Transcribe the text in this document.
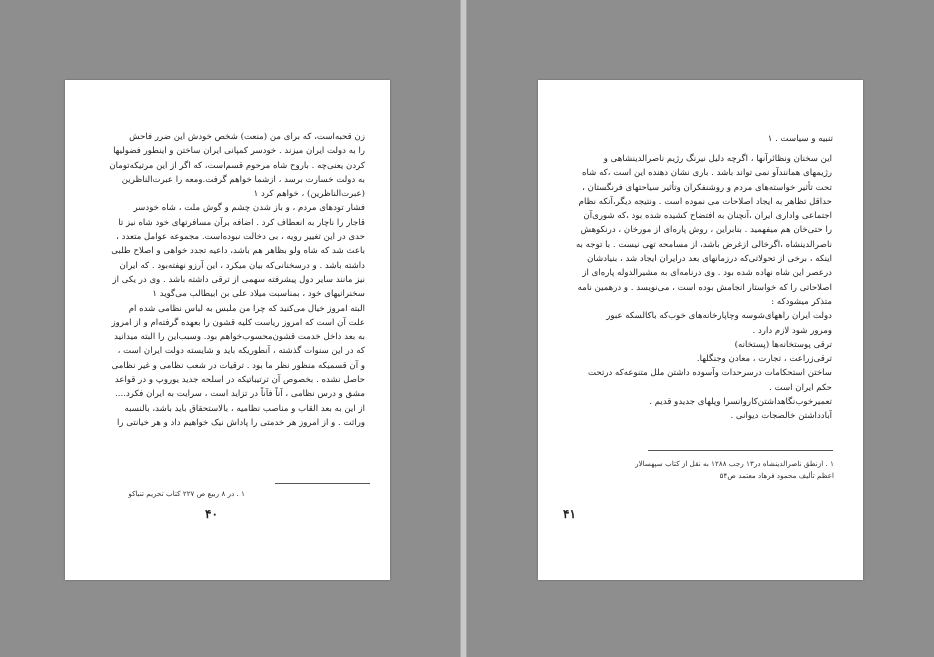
زن قحبه‌است، که برای من (منعت) شخص خودش این ضرر فاحش
را به دولت ایران میزند . خودسر کمپانی ایران ساختن و اینطور فضولیها
کردن یعنی‌چه . باروح شاه مرحوم قسم‌است، که اگر از این مرتیکه‌تومان
به دولت خسارت برسد ، ازشما خواهم گرفت.ومعه را عبرت‌الناظرین
(عبرت‌الناظرین) ، خواهم کرد ۱
فشار تودهای مردم ، و باز شدن چشم و گوش ملت ، شاه خودسر
قاجار را ناچار به انعطاف کرد . اضافه برآن مسافرتهای خود شاه نیز تا
حدی در این تغییر رویه ، بی دخالت نبوده‌است. مجموعه عوامل متعدد ،
باعث شد که شاه ولو بظاهر هم باشد، داعیه تجدد خواهی و اصلاح طلبی
داشته باشد . و درسخنانی‌که بیان میکرد ، این آرزو نهفته‌بود . که ایران
نیز مانند سایر دول پیشرفته سهمی از ترقی داشته باشد . وی در یکی از
سخنرانیهای خود ، بمناسبت میلاد علی بن ابیطالب می‌گوید ۱
البته امروز خیال می‌کنید که چرا من ملبس به لباس نظامی شده ام
علت آن است که امروز ریاست کلیه قشون را بعهده گرفته‌ام و از امروز
به بعد داخل خدمت قشون‌محسوب‌خواهم بود. وسبب‌این را البته میدانید
که در این سنوات گذشته ، آنطوریکه باید و شایسته دولت ایران است ،
و آن قسمیکه منظور نظر ما بود . ترقیات در شعب نظامی و غیر نظامی
حاصل نشده . بخصوص آن ترتیباتیکه در اسلحه جدید یوروپ و در قواعد
مشق و درس نظامی ، آناً فآناً در تزاید است ، سرایت به ایران فکرد....
از این به بعد القاب و مناصب نظامیه ، بالاستحقاق باید باشد، بالنسبه
وراثت . و از امروز هر خدمتی را پاداش نیک خواهیم داد و هر خیانتی را
۱ . در ۸ ربیع ص ۲۲۷ کتاب تحریم تنباکو
۴۰
تنبیه و سیاست . ۱
این سخنان ونظائرآنها ، اگرچه دلیل نیرنگ رژیم ناصرالدینشاهی و
رژیمهای همانندآو نمی تواند باشد . باری نشان دهنده این است ،که شاه
تحت تأثیر خواسته‌های مردم و روشنفکران وتأثیر سیاحتهای فرنگستان ،
حداقل تظاهر به ایجاد اصلاحات می نموده است . ونتیجه دیگر،آنکه نظام
اجتماعی واداری ایران ،آنچنان به افتضاح کشیده شده بود ،که شوری‌آن
را حتی‌خان هم میفهمید . بنابراین ، روش پاره‌ای از مورخان ، درنکوهش
ناصرالدینشاه ،اگرخالی ازغرض باشد، از مسامحه تهی نیست . با توجه به
اینکه ، برخی از تحولاتی‌که درزمانهای بعد درایران ایجاد شد ، بنیادشان
درعصر این شاه نهاده شده بود . وی درنامه‌ای به مشیرالدوله پاره‌ای از
اصلاحاتی را که خواستار انجامش بوده است ، می‌نویسد . و درهمین نامه
متذکر میشودکه :
دولت ایران راههای‌شوسه وچاپارخانه‌های خوب‌که باکالسکه عبور
ومرور شود لازم دارد .
ترقی پوستخانه‌ها (پستخانه)
ترقی‌زراعت ، تجارت ، معادن وجنگلها.
ساختن استحکامات درسرحدات وآسوده داشتن ملل متنوعه‌که درتحت
حکم ایران است .
تعمیرخوب‌نگاهداشتن‌کاروانسرا وپلهای جدید‌و قدیم .
آبادداشتن خالصجات دیوانی .
۱ . ازنطق ناصرالدینشاه در۱۳ رجب ۱۲۸۸ به نقل از کتاب سپهسالار
اعظم تألیف محمود فرهاد معتمد ص۵۴
۴۱
